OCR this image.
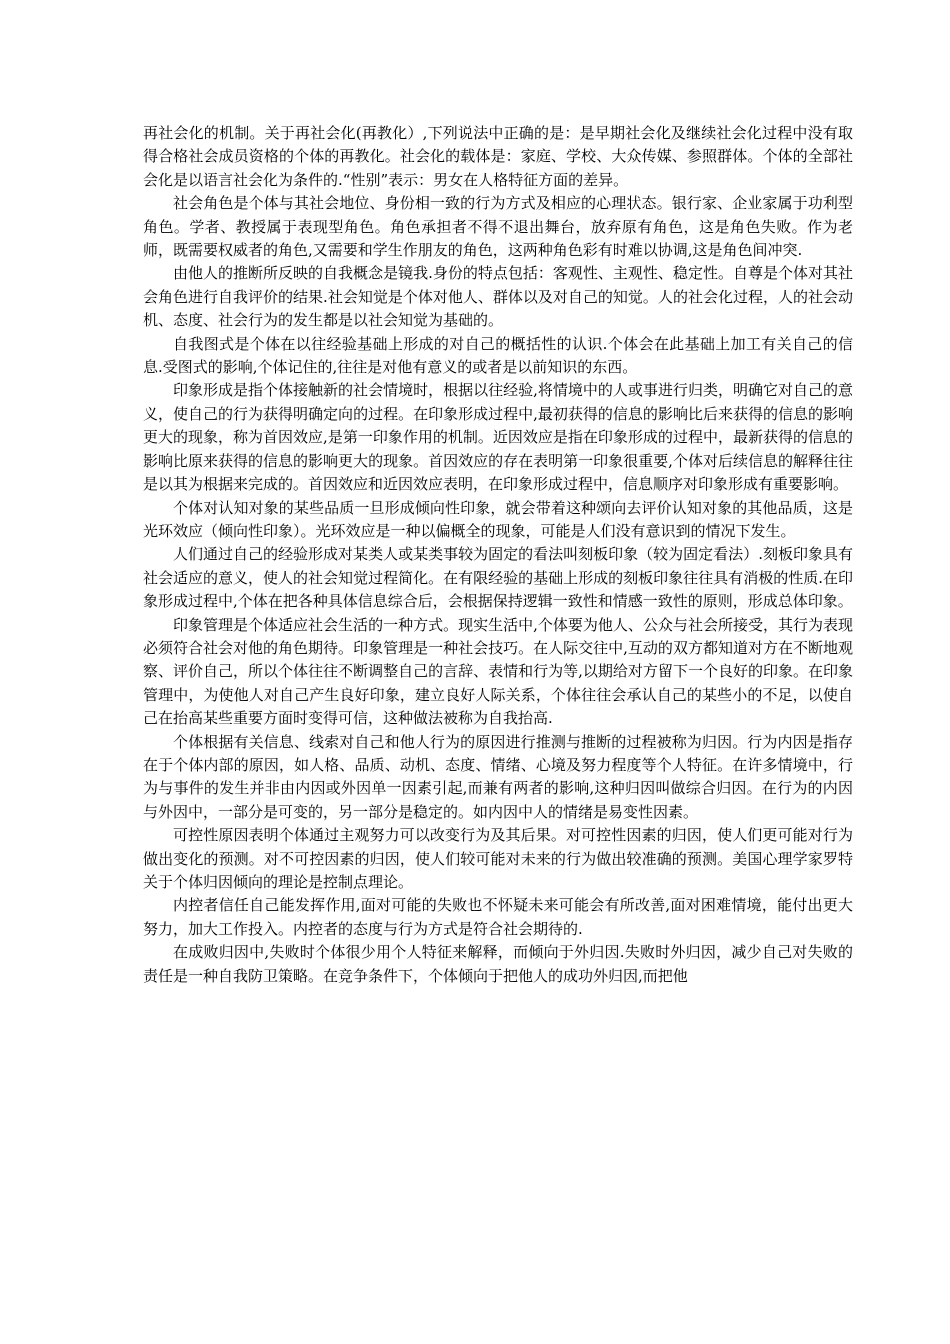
再社会化的机制。关于再社会化(再教化）,下列说法中正确的是：是早期社会化及继续社会化过程中没有取得合格社会成员资格的个体的再教化。社会化的载体是：家庭、学校、大众传媒、参照群体。个体的全部社会化是以语言社会化为条件的.“性别”表示：男女在人格特征方面的差异。

社会角色是个体与其社会地位、身份相一致的行为方式及相应的心理状态。银行家、企业家属于功利型角色。学者、教授属于表现型角色。角色承担者不得不退出舞台，放弃原有角色，这是角色失败。作为老师，既需要权威者的角色,又需要和学生作朋友的角色，这两种角色彩有时难以协调,这是角色间冲突.

由他人的推断所反映的自我概念是镜我.身份的特点包括：客观性、主观性、稳定性。自尊是个体对其社会角色进行自我评价的结果.社会知觉是个体对他人、群体以及对自己的知觉。人的社会化过程，人的社会动机、态度、社会行为的发生都是以社会知觉为基础的。

自我图式是个体在以往经验基础上形成的对自己的概括性的认识.个体会在此基础上加工有关自己的信息.受图式的影响,个体记住的,往往是对他有意义的或者是以前知识的东西。

印象形成是指个体接触新的社会情境时，根据以往经验,将情境中的人或事进行归类，明确它对自己的意义，使自己的行为获得明确定向的过程。在印象形成过程中,最初获得的信息的影响比后来获得的信息的影响更大的现象，称为首因效应,是第一印象作用的机制。近因效应是指在印象形成的过程中，最新获得的信息的影响比原来获得的信息的影响更大的现象。首因效应的存在表明第一印象很重要,个体对后续信息的解释往往是以其为根据来完成的。首因效应和近因效应表明，在印象形成过程中，信息顺序对印象形成有重要影响。

个体对认知对象的某些品质一旦形成倾向性印象，就会带着这种颂向去评价认知对象的其他品质，这是光环效应（倾向性印象）。光环效应是一种以偏概全的现象，可能是人们没有意识到的情况下发生。

人们通过自己的经验形成对某类人或某类事较为固定的看法叫刻板印象（较为固定看法）.刻板印象具有社会适应的意义，使人的社会知觉过程简化。在有限经验的基础上形成的刻板印象往往具有消极的性质.在印象形成过程中,个体在把各种具体信息综合后，会根据保持逻辑一致性和情感一致性的原则，形成总体印象。

印象管理是个体适应社会生活的一种方式。现实生活中,个体要为他人、公众与社会所接受，其行为表现必须符合社会对他的角色期待。印象管理是一种社会技巧。在人际交往中,互动的双方都知道对方在不断地观察、评价自己，所以个体往往不断调整自己的言辞、表情和行为等,以期给对方留下一个良好的印象。在印象管理中，为使他人对自己产生良好印象，建立良好人际关系，个体往往会承认自己的某些小的不足，以使自己在抬高某些重要方面时变得可信，这种做法被称为自我抬高.

个体根据有关信息、线索对自己和他人行为的原因进行推测与推断的过程被称为归因。行为内因是指存在于个体内部的原因，如人格、品质、动机、态度、情绪、心境及努力程度等个人特征。在许多情境中，行为与事件的发生并非由内因或外因单一因素引起,而兼有两者的影响,这种归因叫做综合归因。在行为的内因与外因中，一部分是可变的，另一部分是稳定的。如内因中人的情绪是易变性因素。

可控性原因表明个体通过主观努力可以改变行为及其后果。对可控性因素的归因，使人们更可能对行为做出变化的预测。对不可控因素的归因，使人们较可能对未来的行为做出较准确的预测。美国心理学家罗特关于个体归因倾向的理论是控制点理论。

内控者信任自己能发挥作用,面对可能的失败也不怀疑未来可能会有所改善,面对困难情境，能付出更大努力，加大工作投入。内控者的态度与行为方式是符合社会期待的.

在成败归因中,失败时个体很少用个人特征来解释，而倾向于外归因.失败时外归因，减少自己对失败的责任是一种自我防卫策略。在竞争条件下，个体倾向于把他人的成功外归因,而把他
